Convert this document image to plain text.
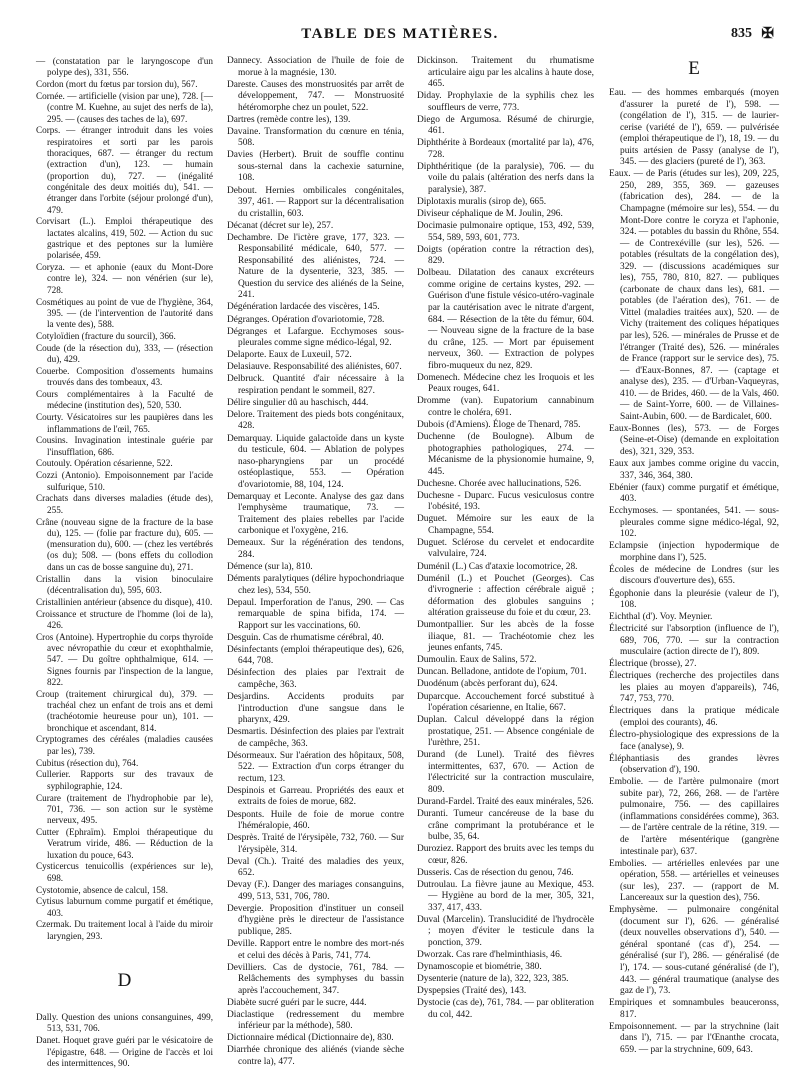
TABLE DES MATIÈRES.	835 ✠

— (constatation par le laryngoscope d'un polype des), 331, 556.

Cordon (mort du fœtus par torsion du), 567.

Cornée. — artificielle (vision par une), 728. [— (contre M. Kuehne, au sujet des nerfs de la), 295. — (causes des taches de la), 697.

Corps. — étranger introduit dans les voies respiratoires et sorti par les parois thoraciques, 687. — étranger du rectum (extraction d'un), 123. — humain (proportion du), 727. — (inégalité congénitale des deux moitiés du), 541. — étranger dans l'orbite (séjour prolongé d'un), 479.

Corvisart (L.). Emploi thérapeutique des lactates alcalins, 419, 502. — Action du suc gastrique et des peptones sur la lumière polarisée, 459.

Coryza. — et aphonie (eaux du Mont-Dore contre le), 324. — non vénérien (sur le), 728.

Cosmétiques au point de vue de l'hygiène, 364, 395. — (de l'intervention de l'autorité dans la vente des), 588.

Cotyloïdien (fracture du sourcil), 366.

Coude (de la résection du), 333, — (résection du), 429.

Couerbe. Composition d'ossements humains trouvés dans des tombeaux, 43.

Cours complémentaires à la Faculté de médecine (institution des), 520, 530.

Courty. Vésicatoires sur les paupières dans les inflammations de l'œil, 765.

Cousins. Invagination intestinale guérie par l'insufflation, 686.

Coutouly. Opération césarienne, 522.

Cozzi (Antonio). Empoisonnement par l'acide sulfurique, 510.

Crachats dans diverses maladies (étude des), 255.

Crâne (nouveau signe de la fracture de la base du), 125. — (folie par fracture du), 605. — (mensuration du), 600. — (chez les vertébrés (os du); 508. — (bons effets du collodion dans un cas de bosse sanguine du), 271.

Cristallin dans la vision binoculaire (décentralisation du), 595, 603.

Cristallinien antérieur (absence du disque), 410.

Croissance et structure de l'homme (loi de la), 426.

Cros (Antoine). Hypertrophie du corps thyroïde avec névropathie du cœur et exophthalmie, 547. — Du goître ophthalmique, 614. — Signes fournis par l'inspection de la langue, 822.

Croup (traitement chirurgical du), 379. — trachéal chez un enfant de trois ans et demi (trachéotomie heureuse pour un), 101. — bronchique et ascendant, 814.

Cryptogrames des céréales (maladies causées par les), 739.

Cubitus (résection du), 764.

Cullerier. Rapports sur des travaux de syphilographie, 124.

Curare (traitement de l'hydrophobie par le), 701, 736. — son action sur le système nerveux, 495.

Cutter (Ephraïm). Emploi thérapeutique du Veratrum viride, 486. — Réduction de la luxation du pouce, 643.

Cysticercus tenuicollis (expériences sur le), 698.

Cystotomie, absence de calcul, 158.

Cytisus laburnum comme purgatif et émétique, 403.

Czermak. Du traitement local à l'aide du miroir laryngien, 293.

D

Dally. Question des unions consanguines, 499, 513, 531, 706.

Danet. Hoquet grave guéri par le vésicatoire de l'épigastre, 648. — Origine de l'accès et loi des intermittences, 90.

Dannecy. Association de l'huile de foie de morue à la magnésie, 130.

Dareste. Causes des monstruosités par arrêt de développement, 747. — Monstruosité hétéromorphe chez un poulet, 522.

Dartres (remède contre les), 139.

Davaine. Transformation du cœnure en ténia, 508.

Davies (Herbert). Bruit de souffle continu sous-sternal dans la cachexie saturnine, 108.

Debout. Hernies ombilicales congénitales, 397, 461. — Rapport sur la décentralisation du cristallin, 603.

Décanat (décret sur le), 257.

Dechambre. De l'ictère grave, 177, 323. — Responsabilité médicale, 640, 577. — Responsabilité des aliénistes, 724. — Nature de la dysenterie, 323, 385. — Question du service des aliénés de la Seine, 241.

Dégénération lardacée des viscères, 145.

Dégranges. Opération d'ovariotomie, 728.

Dégranges et Lafargue. Ecchymoses sous-pleurales comme signe médico-légal, 92.

Delaporte. Eaux de Luxeuil, 572.

Delasiauve. Responsabilité des aliénistes, 607.

Delbruck. Quantité d'air nécessaire à la respiration pendant le sommeil, 827.

Délire singulier dû au haschisch, 444.

Delore. Traitement des pieds bots congénitaux, 428.

Demarquay. Liquide galactoïde dans un kyste du testicule, 604. — Ablation de polypes naso-pharyngiens par un procédé ostéoplastique, 553. — Opération d'ovariotomie, 88, 104, 124.

Demarquay et Leconte. Analyse des gaz dans l'emphysème traumatique, 73. — Traitement des plaies rebelles par l'acide carbonique et l'oxygène, 216.

Demeaux. Sur la régénération des tendons, 284.

Démence (sur la), 810.

Déments paralytiques (délire hypochondriaque chez les), 534, 550.

Depaul. Imperforation de l'anus, 290. — Cas remarquable de spina bifida, 174. — Rapport sur les vaccinations, 60.

Desguin. Cas de rhumatisme cérébral, 40.

Désinfectants (emploi thérapeutique des), 626, 644, 708.

Désinfection des plaies par l'extrait de campêche, 363.

Desjardins. Accidents produits par l'introduction d'une sangsue dans le pharynx, 429.

Desmartis. Désinfection des plaies par l'extrait de campêche, 363.

Désormeaux. Sur l'aération des hôpitaux, 508, 522. — Extraction d'un corps étranger du rectum, 123.

Despinois et Garreau. Propriétés des eaux et extraits de foies de morue, 682.

Desponts. Huile de foie de morue contre l'héméralopie, 460.

Desprès. Traité de l'érysipèle, 732, 760. — Sur l'érysipèle, 314.

Deval (Ch.). Traité des maladies des yeux, 652.

Devay (F.). Danger des mariages consanguins, 499, 513, 531, 706, 780.

Devergie. Proposition d'instituer un conseil d'hygiène près le directeur de l'assistance publique, 285.

Deville. Rapport entre le nombre des mort-nés et celui des décès à Paris, 741, 774.

Devilliers. Cas de dystocie, 761, 784. — Relâchements des symphyses du bassin après l'accouchement, 347.

Diabète sucré guéri par le sucre, 444.

Diaclastique (redressement du membre inférieur par la méthode), 580.

Dictionnaire médical (Dictionnaire de), 830.

Diarrhée chronique des aliénés (viande sèche contre la), 477.

Dickinson. Traitement du rhumatisme articulaire aigu par les alcalins à haute dose, 465.

Diday. Prophylaxie de la syphilis chez les souffleurs de verre, 773.

Diego de Argumosa. Résumé de chirurgie, 461.

Diphthérite à Bordeaux (mortalité par la), 476, 728.

Diphthéritique (de la paralysie), 706. — du voile du palais (altération des nerfs dans la paralysie), 387.

Diplotaxis muralis (sirop de), 665.

Diviseur céphalique de M. Joulin, 296.

Docimasie pulmonaire optique, 153, 492, 539, 554, 589, 593, 601, 773.

Doigts (opération contre la rétraction des), 829.

Dolbeau. Dilatation des canaux excréteurs comme origine de certains kystes, 292. — Guérison d'une fistule vésico-utéro-vaginale par la cautérisation avec le nitrate d'argent, 684. — Résection de la tête du fémur, 604. — Nouveau signe de la fracture de la base du crâne, 125. — Mort par épuisement nerveux, 360. — Extraction de polypes fibro-muqueux du nez, 829.

Domenech. Médecine chez les Iroquois et les Peaux rouges, 641.

Dromme (van). Eupatorium cannabinum contre le choléra, 691.

Dubois (d'Amiens). Éloge de Thenard, 785.

Duchenne (de Boulogne). Album de photographies pathologiques, 274. — Mécanisme de la physionomie humaine, 9, 445.

Duchesne. Chorée avec hallucinations, 526.

Duchesne - Duparc. Fucus vesiculosus contre l'obésité, 193.

Duguet. Mémoire sur les eaux de la Champagne, 554.

Duguet. Sclérose du cervelet et endocardite valvulaire, 724.

Duménil (L.) Cas d'ataxie locomotrice, 28.

Duménil (L.) et Pouchet (Georges). Cas d'ivrognerie : affection cérébrale aiguë ; déformation des globules sanguins ; altération graisseuse du foie et du cœur, 23.

Dumontpallier. Sur les abcès de la fosse iliaque, 81. — Trachéotomie chez les jeunes enfants, 745.

Dumoulin. Eaux de Salins, 572.

Duncan. Belladone, antidote de l'opium, 701.

Duodénum (abcès perforant du), 624.

Duparcque. Accouchement forcé substitué à l'opération césarienne, en Italie, 667.

Duplan. Calcul développé dans la région prostatique, 251. — Absence congéniale de l'urèthre, 251.

Durand (de Lunel). Traité des fièvres intermittentes, 637, 670. — Action de l'électricité sur la contraction musculaire, 809.

Durand-Fardel. Traité des eaux minérales, 526.

Duranti. Tumeur cancéreuse de la base du crâne comprimant la protubérance et le bulbe, 35, 64.

Duroziez. Rapport des bruits avec les temps du cœur, 826.

Dusseris. Cas de résection du genou, 746.

Dutroulau. La fièvre jaune au Mexique, 453. — Hygiène au bord de la mer, 305, 321, 337, 417, 433.

Duval (Marcelin). Translucidité de l'hydrocèle ; moyen d'éviter le testicule dans la ponction, 379.

Dworzak. Cas rare d'helminthiasis, 46.

Dynamoscopie et biométrie, 380.

Dysenterie (nature de la), 322, 323, 385.

Dyspepsies (Traité des), 143.

Dystocie (cas de), 761, 784. — par obliteration du col, 442.

E

Eau. — des hommes embarqués (moyen d'assurer la pureté de l'), 598. — (congélation de l'), 315. — de laurier-cerise (variété de l'), 659. — pulvérisée (emploi thérapeutique de l'), 18, 19. — du puits artésien de Passy (analyse de l'), 345. — des glaciers (pureté de l'), 363.

Eaux. — de Paris (études sur les), 209, 225, 250, 289, 355, 369. — gazeuses (fabrication des), 284. — de la Champagne (mémoire sur les), 554. — du Mont-Dore contre le coryza et l'aphonie, 324. — potables du bassin du Rhône, 554. — de Contrexéville (sur les), 526. — potables (résultats de la congélation des), 329. — (discussions académiques sur les), 755, 780, 810, 827. — publiques (carbonate de chaux dans les), 681. — potables (de l'aération des), 761. — de Vittel (maladies traitées aux), 520. — de Vichy (traitement des coliques hépatiques par les), 526. — minérales de Prusse et de l'étranger (Traité des), 526. — minérales de France (rapport sur le service des), 75. — d'Eaux-Bonnes, 87. — (captage et analyse des), 235. — d'Urban-Vaqueyras, 410. — de Brides, 460. — de la Vals, 460. — de Saint-Yorre, 600. — de Villaines-Saint-Aubin, 600. — de Bardicalet, 600.

Eaux-Bonnes (les), 573. — de Forges (Seine-et-Oise) (demande en exploitation des), 321, 329, 353.

Eaux aux jambes comme origine du vaccin, 337, 346, 364, 380.

Ebénier (faux) comme purgatif et émétique, 403.

Ecchymoses. — spontanées, 541. — sous-pleurales comme signe médico-légal, 92, 102.

Eclampsie (injection hypodermique de morphine dans l'), 525.

Écoles de médecine de Londres (sur les discours d'ouverture des), 655.

Égophonie dans la pleurésie (valeur de l'), 108.

Eichthal (d'). Voy. Meynier.

Électricité sur l'absorption (influence de l'), 689, 706, 770. — sur la contraction musculaire (action directe de l'), 809.

Électrique (brosse), 27.

Électriques (recherche des projectiles dans les plaies au moyen d'appareils), 746, 747, 753, 770.

Électriques dans la pratique médicale (emploi des courants), 46.

Électro-physiologique des expressions de la face (analyse), 9.

Éléphantiasis des grandes lèvres (observation d'), 190.

Embolie. — de l'artère pulmonaire (mort subite par), 72, 266, 268. — de l'artère pulmonaire, 756. — des capillaires (inflammations considérées comme), 363. — de l'artère centrale de la rétine, 319. — de l'artère mésentérique (gangrène intestinale par), 637.

Embolies. — artérielles enlevées par une opération, 558. — artérielles et veineuses (sur les), 237. — (rapport de M. Lancereaux sur la question des), 756.

Emphysème. — pulmonaire congénital (document sur l'), 626. — généralisé (deux nouvelles observations d'), 540. — général spontané (cas d'), 254. — généralisé (sur l'), 286. — généralisé (de l'), 174. — sous-cutané généralisé (de l'), 443. — général traumatique (analyse des gaz de l'), 73.

Empiriques et somnambules beauceronss, 817.

Empoisonnement. — par la strychnine (lait dans l'), 715. — par l'Œnanthe crocata, 659. — par la strychnine, 609, 643.
